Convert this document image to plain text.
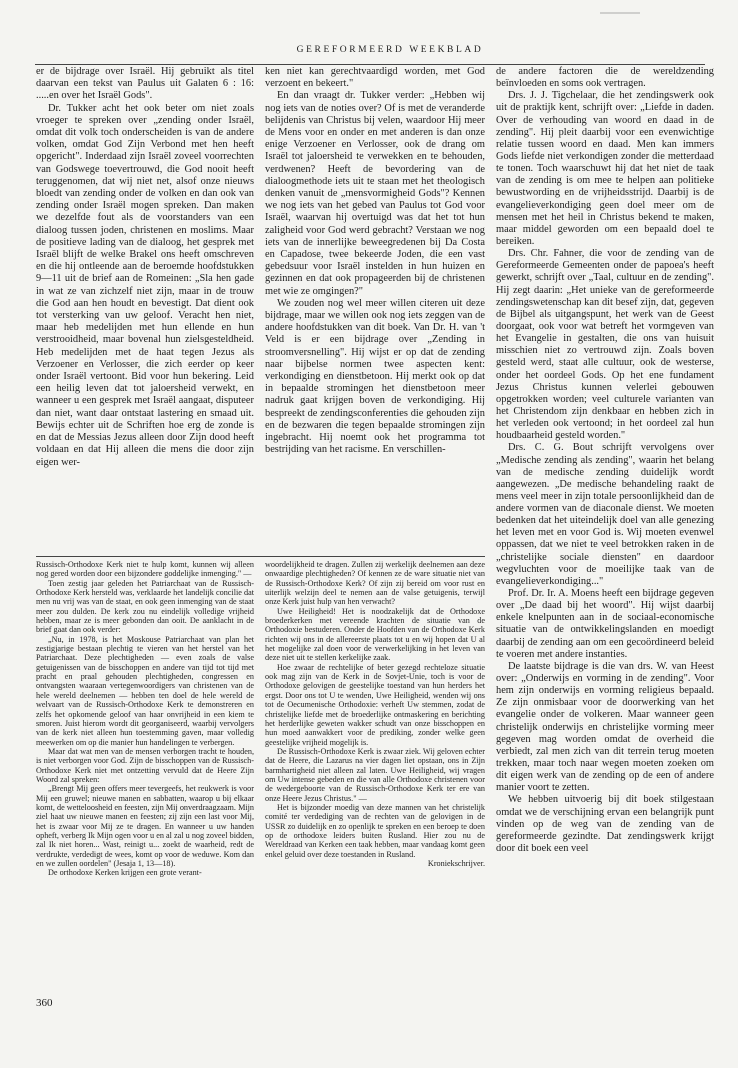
GEREFORMEERD WEEKBLAD

er de bijdrage over Israël. Hij gebruikt als titel daarvan een tekst van Paulus uit Galaten 6 : 16: .....en over het Israël Gods".

Dr. Tukker acht het ook beter om niet zoals vroeger te spreken over „zending onder Israël, omdat dit volk toch onderscheiden is van de andere volken, omdat God Zijn Verbond met hen heeft opgericht". Inderdaad zijn Israël zoveel voorrechten van Godswege toevertrouwd, die God nooit heeft teruggenomen, dat wij niet net, alsof onze nieuws bloedt van zending onder de volken en dan ook van zending onder Israël mogen spreken. Dan maken we dezelfde fout als de voorstanders van een dialoog tussen joden, christenen en moslims. Maar de positieve lading van de dialoog, het gesprek met Israël blijft de welke Brakel ons heeft omschreven en die hij ontleende aan de beroemde hoofdstukken 9—11 uit de brief aan de Romeinen: „Sla hen gade in wat ze van zichzelf niet zijn, maar in de trouw die God aan hen houdt en bevestigt. Dat dient ook tot versterking van uw geloof. Veracht hen niet, maar heb medelijden met hun ellende en hun verstrooidheid, maar bovenal hun zielsgesteldheid. Heb medelijden met de haat tegen Jezus als Verzoener en Verlosser, die zich eerder op keer onder Israël vertoont. Bid voor hun bekering. Leid een heilig leven dat tot jaloersheid verwekt, en wanneer u een gesprek met Israël aangaat, disputeer dan niet, want daar ontstaat lastering en smaad uit. Bewijs echter uit de Schriften hoe erg de zonde is en dat de Messias Jezus alleen door Zijn dood heeft voldaan en dat Hij alleen die mens die door zijn eigen wer-

ken niet kan gerechtvaardigd worden, met God verzoent en bekeert."

En dan vraagt dr. Tukker verder: „Hebben wij nog iets van de noties over? Of is met de veranderde belijdenis van Christus bij velen, waardoor Hij meer de Mens voor en onder en met anderen is dan onze enige Verzoener en Verlosser, ook de drang om Israël tot jaloersheid te verwekken en te behouden, verdwenen? Heeft de bevordering van de dialoogmethode iets uit te staan met het theologisch denken vanuit de „mensvormigheid Gods"? Kennen we nog iets van het gebed van Paulus tot God voor Israël, waarvan hij overtuigd was dat het tot hun zaligheid voor God werd gebracht? Verstaan we nog iets van de innerlijke beweegredenen bij Da Costa en Capadose, twee bekeerde Joden, die een vast gebedsuur voor Israël instelden in hun huizen en gezinnen en dat ook propageerden bij de christenen met wie ze omgingen?"

We zouden nog wel meer willen citeren uit deze bijdrage, maar we willen ook nog iets zeggen van de andere hoofdstukken van dit boek. Van Dr. H. van 't Veld is er een bijdrage over „Zending in stroomversnelling". Hij wijst er op dat de zending naar bijbelse normen twee aspecten kent: verkondiging en dienstbetoon. Hij merkt ook op dat in bepaalde stromingen het dienstbetoon meer nadruk gaat krijgen boven de verkondiging. Hij bespreekt de zendingsconferenties die gehouden zijn en de bezwaren die tegen bepaalde stromingen zijn ingebracht. Hij noemt ook het programma tot bestrijding van het racisme. En verschillen-

de andere factoren die de wereldzending beïnvloeden en soms ook vertragen.

Drs. J. J. Tigchelaar, die het zendingswerk ook uit de praktijk kent, schrijft over: „Liefde in daden. Over de verhouding van woord en daad in de zending". Hij pleit daarbij voor een evenwichtige relatie tussen woord en daad. Men kan immers Gods liefde niet verkondigen zonder die metterdaad te tonen. Toch waarschuwt hij dat het niet de taak van de zending is om mee te helpen aan politieke bewustwording en de vrijheidsstrijd. Daarbij is de evangelieverkondiging geen doel meer om de mensen met het heil in Christus bekend te maken, maar middel geworden om een bepaald doel te bereiken.

Drs. Chr. Fahner, die voor de zending van de Gereformeerde Gemeenten onder de papoea's heeft gewerkt, schrijft over „Taal, cultuur en de zending". Hij zegt daarin: „Het unieke van de gereformeerde zendingswetenschap kan dit besef zijn, dat, gegeven de Bijbel als uitgangspunt, het werk van de Geest doorgaat, ook voor wat betreft het vormgeven van het Evangelie in gestalten, die ons van huisuit misschien niet zo vertrouwd zijn. Zoals boven gesteld werd, staat alle cultuur, ook de westerse, onder het oordeel Gods. Op het ene fundament Jezus Christus kunnen velerlei gebouwen opgetrokken worden; veel culturele varianten van het Christendom zijn denkbaar en hebben zich in het verleden ook vertoond; in het oordeel zal hun houdbaarheid gesteld worden."

Drs. C. G. Bout schrijft vervolgens over „Medische zending als zending", waarin het belang van de medische zending duidelijk wordt aangewezen. „De medische behandeling raakt de mens veel meer in zijn totale persoonlijkheid dan de andere vormen van de diaconale dienst. We moeten bedenken dat het uiteindelijk doel van alle genezing het leven met en voor God is. Wij moeten evenwel oppassen, dat we niet te veel betrokken raken in de „christelijke sociale diensten" en daardoor wegvluchten voor de moeilijke taak van de evangelieverkondiging..."

Prof. Dr. Ir. A. Moens heeft een bijdrage gegeven over „De daad bij het woord". Hij wijst daarbij enkele knelpunten aan in de sociaal-economische situatie van de ontwikkelingslanden en moedigt daarbij de zending aan om een gecoördineerd beleid te voeren met andere instanties.

De laatste bijdrage is die van drs. W. van Heest over: „Onderwijs en vorming in de zending". Voor hem zijn onderwijs en vorming religieus bepaald. Ze zijn onmisbaar voor de doorwerking van het evangelie onder de volkeren. Maar wanneer geen christelijk onderwijs en christelijke vorming meer gegeven mag worden omdat de overheid die verbiedt, zal men zich van dit terrein terug moeten trekken, maar toch naar wegen moeten zoeken om dit eigen werk van de zending op de een of andere manier voort te zetten.

We hebben uitvoerig bij dit boek stilgestaan omdat we de verschijning ervan een belangrijk punt vinden op de weg van de zending van de gereformeerde gezindte. Dat zendingswerk krijgt door dit boek een veel

Russisch-Orthodoxe Kerk niet te hulp komt, kunnen wij alleen nog gered worden door een bijzondere goddelijke inmenging." —

Toen zestig jaar geleden het Patriarchaat van de Russisch-Orthodoxe Kerk hersteld was, verklaarde het landelijk concilie dat men nu vrij was van de staat, en ook geen inmenging van de staat meer zou dulden. De kerk zou nu eindelijk volledige vrijheid hebben, maar ze is meer gebonden dan ooit. De aanklacht in de brief gaat dan ook verder:

„Nu, in 1978, is het Moskouse Patriarchaat van plan het zestigjarige bestaan plechtig te vieren van het herstel van het Patriarchaat. Deze plechtigheden — even zoals de valse getuigenissen van de bisschoppen en andere van tijd tot tijd met pracht en praal gehouden plechtigheden, congressen en ontvangsten waaraan vertegenwoordigers van christenen van de hele wereld deelnemen — hebben ten doel de hele wereld de welvaart van de Russisch-Orthodoxe Kerk te demonstreren en zelfs het opkomende geloof van haar onvrijheid in een kiem te smoren. Juist hierom wordt dit georganiseerd, waarbij vervolgers van de kerk niet alleen hun toestemming gaven, maar volledig meewerken om op die manier hun handelingen te verbergen.

Maar dat wat men van de mensen verborgen tracht te houden, is niet verborgen voor God. Zijn de bisschoppen van de Russisch-Orthodoxe Kerk niet met ontzetting vervuld dat de Heere Zijn Woord zal spreken:

„Brengt Mij geen offers meer tevergeefs, het reukwerk is voor Mij een gruwel; nieuwe manen en sabbatten, waarop u bij elkaar komt, de wetteloosheid en feesten, zijn Mij onverdraagzaam. Mijn ziel haat uw nieuwe manen en feesten; zij zijn een last voor Mij, het is zwaar voor Mij ze te dragen. En wanneer u uw handen opheft, verberg Ik Mijn ogen voor u en al zal u nog zoveel bidden, zal Ik niet horen... Wast, reinigt u... zoekt de waarheid, redt de verdrukte, verdedigt de wees, komt op voor de weduwe. Kom dan en we zullen oordelen" (Jesaja 1, 13—18).

De orthodoxe Kerken krijgen een grote verant-

woordelijkheid te dragen. Zullen zij werkelijk deelnemen aan deze onwaardige plechtigheden? Of kennen ze de ware situatie niet van de Russisch-Orthodoxe Kerk? Of zijn zij bereid om voor rust en uiterlijk welzijn deel te nemen aan de valse getuigenis, terwijl onze Kerk juist hulp van hen verwacht?

Uwe Heiligheid! Het is noodzakelijk dat de Orthodoxe broederkerken met vereende krachten de situatie van de Orthodoxie bestuderen. Onder de Hoofden van de Orthodoxe Kerk richten wij ons in de allereerste plaats tot u en wij hopen dat U al het mogelijke zal doen voor de verwerkelijking in het leven van deze niet uit te stellen kerkelijke zaak.

Hoe zwaar de rechtelijke of beter gezegd rechteloze situatie ook mag zijn van de Kerk in de Sovjet-Unie, toch is voor de Orthodoxe gelovigen de geestelijke toestand van hun herders het ergst. Door ons tot U te wenden, Uwe Heiligheid, wenden wij ons tot de Oecumenische Orthodoxie: verheft Uw stemmen, zodat de christelijke liefde met de broederlijke ontmaskering en berichting het herderlijke geweten wakker schudt van onze bisschoppen en hun moed aanwakkert voor de prediking, zonder welke geen geestelijke vrijheid mogelijk is.

De Russisch-Orthodoxe Kerk is zwaar ziek. Wij geloven echter dat de Heere, die Lazarus na vier dagen liet opstaan, ons in Zijn barmhartigheid niet alleen zal laten. Uwe Heiligheid, wij vragen om Uw intense gebeden en die van alle Orthodoxe christenen voor de wedergeboorte van de Russisch-Orthodoxe Kerk ter ere van onze Heere Jezus Christus." —

Het is bijzonder moedig van deze mannen van het christelijk comité ter verdediging van de rechten van de gelovigen in de USSR zo duidelijk en zo openlijk te spreken en een beroep te doen op de orthodoxe leiders buiten Rusland. Hier zou nu de Wereldraad van Kerken een taak hebben, maar vandaag komt geen enkel geluid over deze toestanden in Rusland.

Kroniekschrijver.

360
